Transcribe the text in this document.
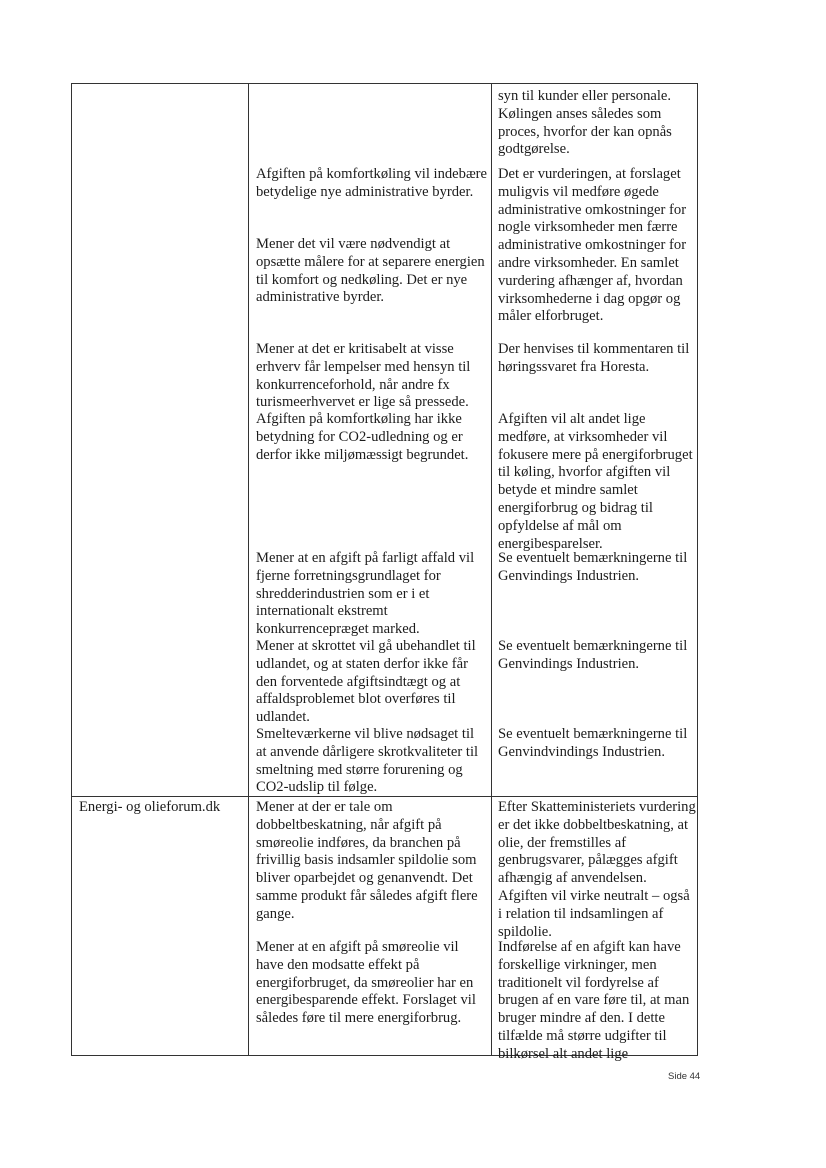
syn til kunder eller personale. Kølingen anses således som proces, hvorfor der kan opnås godtgørelse.

Afgiften på komfortkøling vil indebære betydelige nye administrative byrder.

Det er vurderingen, at forslaget muligvis vil medføre øgede administrative omkostninger for nogle virksomheder men færre administrative omkostninger for andre virksomheder. En samlet vurdering afhænger af, hvordan virksomhederne i dag opgør og måler elforbruget.

Mener det vil være nødvendigt at opsætte målere for at separere energien til komfort og nedkøling. Det er nye administrative byrder.

Mener at det er kritisabelt at visse erhverv får lempelser med hensyn til konkurrenceforhold, når andre fx turismeerhvervet er lige så pressede.

Der henvises til kommentaren til høringssvaret fra Horesta.

Afgiften på komfortkøling har ikke betydning for CO2-udledning og er derfor ikke miljømæssigt begrundet.

Afgiften vil alt andet lige medføre, at virksomheder vil fokusere mere på energiforbruget til køling, hvorfor afgiften vil betyde et mindre samlet energiforbrug og bidrag til opfyldelse af mål om energibesparelser.

Mener at en afgift på farligt affald vil fjerne forretningsgrundlaget for shredderindustrien som er i et internationalt ekstremt konkurrencepræget marked.

Se eventuelt bemærkningerne til Genvindings Industrien.

Mener at skrottet vil gå ubehandlet til udlandet, og at staten derfor ikke får den forventede afgiftsindtægt og at affaldsproblemet blot overføres til udlandet.

Se eventuelt bemærkningerne til Genvindings Industrien.

Smelteværkerne vil blive nødsaget til at anvende dårligere skrotkvaliteter til smeltning med større forurening og CO2-udslip til følge.

Se eventuelt bemærkningerne til Genvindvindings Industrien.

Energi- og olieforum.dk	Mener at der er tale om dobbeltbeskatning, når afgift på smøreolie indføres, da branchen på frivillig basis indsamler spildolie som bliver oparbejdet og genanvendt. Det samme produkt får således afgift flere gange.

Efter Skatteministeriets vurdering er det ikke dobbeltbeskatning, at olie, der fremstilles af genbrugsvarer, pålægges afgift afhængig af anvendelsen. Afgiften vil virke neutralt – også i relation til indsamlingen af spildolie.

Mener at en afgift på smøreolie vil have den modsatte effekt på energiforbruget, da smøreolier har en energibesparende effekt. Forslaget vil således føre til mere energiforbrug.

Indførelse af en afgift kan have forskellige virkninger, men traditionelt vil fordyrelse af brugen af en vare føre til, at man bruger mindre af den. I dette tilfælde må større udgifter til bilkørsel alt andet lige

Side 44
